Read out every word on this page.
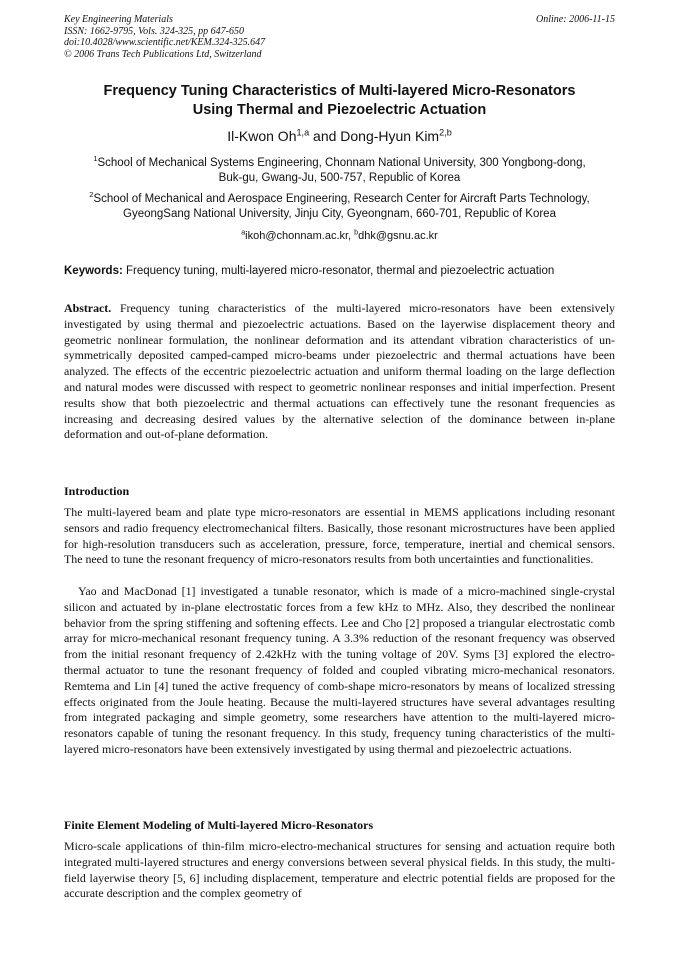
Key Engineering Materials
ISSN: 1662-9795, Vols. 324-325, pp 647-650
doi:10.4028/www.scientific.net/KEM.324-325.647
© 2006 Trans Tech Publications Ltd, Switzerland
Online: 2006-11-15
Frequency Tuning Characteristics of Multi-layered Micro-Resonators
Using Thermal and Piezoelectric Actuation
Il-Kwon Oh$^{1,a}$ and Dong-Hyun Kim$^{2,b}$
$^1$School of Mechanical Systems Engineering, Chonnam National University, 300 Yongbong-dong,
Buk-gu, Gwang-Ju, 500-757, Republic of Korea
$^2$School of Mechanical and Aerospace Engineering, Research Center for Aircraft Parts Technology,
GyeongSang National University, Jinju City, Gyeongnam, 660-701, Republic of Korea
$^a$ikoh@chonnam.ac.kr, $^b$dhk@gsnu.ac.kr
Keywords: Frequency tuning, multi-layered micro-resonator, thermal and piezoelectric actuation
Abstract. Frequency tuning characteristics of the multi-layered micro-resonators have been extensively investigated by using thermal and piezoelectric actuations. Based on the layerwise displacement theory and geometric nonlinear formulation, the nonlinear deformation and its attendant vibration characteristics of un-symmetrically deposited camped-camped micro-beams under piezoelectric and thermal actuations have been analyzed. The effects of the eccentric piezoelectric actuation and uniform thermal loading on the large deflection and natural modes were discussed with respect to geometric nonlinear responses and initial imperfection. Present results show that both piezoelectric and thermal actuations can effectively tune the resonant frequencies as increasing and decreasing desired values by the alternative selection of the dominance between in-plane deformation and out-of-plane deformation.
Introduction
The multi-layered beam and plate type micro-resonators are essential in MEMS applications including resonant sensors and radio frequency electromechanical filters. Basically, those resonant microstructures have been applied for high-resolution transducers such as acceleration, pressure, force, temperature, inertial and chemical sensors. The need to tune the resonant frequency of micro-resonators results from both uncertainties and functionalities.
Yao and MacDonad [1] investigated a tunable resonator, which is made of a micro-machined single-crystal silicon and actuated by in-plane electrostatic forces from a few kHz to MHz. Also, they described the nonlinear behavior from the spring stiffening and softening effects. Lee and Cho [2] proposed a triangular electrostatic comb array for micro-mechanical resonant frequency tuning. A 3.3% reduction of the resonant frequency was observed from the initial resonant frequency of 2.42kHz with the tuning voltage of 20V. Syms [3] explored the electro-thermal actuator to tune the resonant frequency of folded and coupled vibrating micro-mechanical resonators. Remtema and Lin [4] tuned the active frequency of comb-shape micro-resonators by means of localized stressing effects originated from the Joule heating. Because the multi-layered structures have several advantages resulting from integrated packaging and simple geometry, some researchers have attention to the multi-layered micro-resonators capable of tuning the resonant frequency. In this study, frequency tuning characteristics of the multi-layered micro-resonators have been extensively investigated by using thermal and piezoelectric actuations.
Finite Element Modeling of Multi-layered Micro-Resonators
Micro-scale applications of thin-film micro-electro-mechanical structures for sensing and actuation require both integrated multi-layered structures and energy conversions between several physical fields. In this study, the multi-field layerwise theory [5, 6] including displacement, temperature and electric potential fields are proposed for the accurate description and the complex geometry of
